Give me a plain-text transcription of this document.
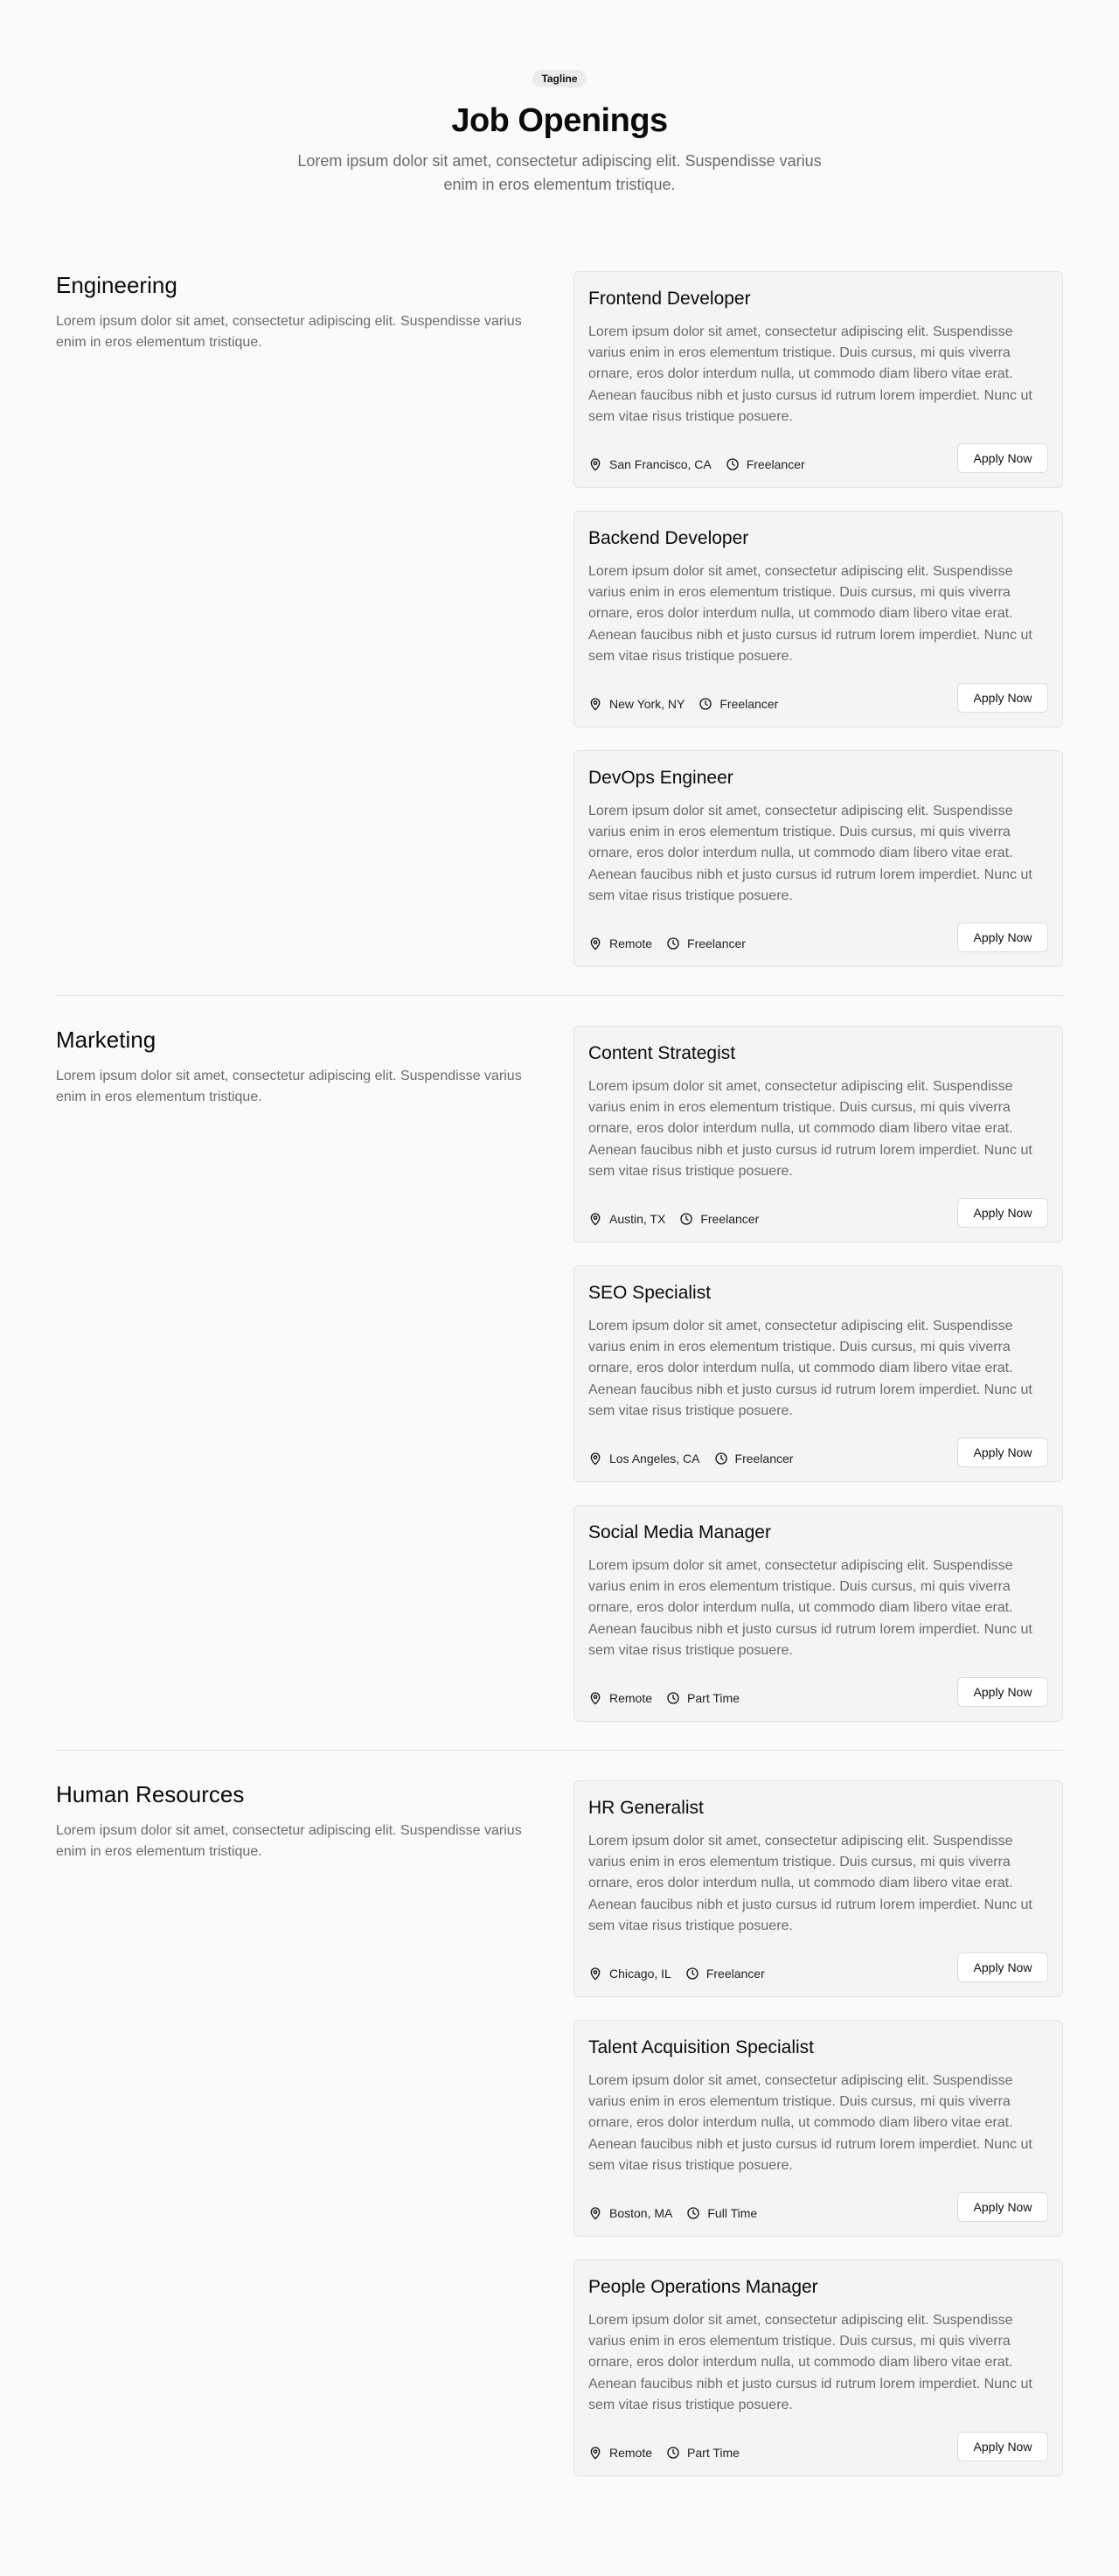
Tagline
Job Openings

Lorem ipsum dolor sit amet, consectetur adipiscing elit. Suspendisse varius enim in eros elementum tristique.

Engineering

Lorem ipsum dolor sit amet, consectetur adipiscing elit. Suspendisse varius enim in eros elementum tristique.

Frontend Developer

Lorem ipsum dolor sit amet, consectetur adipiscing elit. Suspendisse varius enim in eros elementum tristique. Duis cursus, mi quis viverra ornare, eros dolor interdum nulla, ut commodo diam libero vitae erat. Aenean faucibus nibh et justo cursus id rutrum lorem imperdiet. Nunc ut sem vitae risus tristique posuere.

San Francisco, CA	Freelancer	Apply Now
Backend Developer

Lorem ipsum dolor sit amet, consectetur adipiscing elit. Suspendisse varius enim in eros elementum tristique. Duis cursus, mi quis viverra ornare, eros dolor interdum nulla, ut commodo diam libero vitae erat. Aenean faucibus nibh et justo cursus id rutrum lorem imperdiet. Nunc ut sem vitae risus tristique posuere.

New York, NY	Freelancer	Apply Now
DevOps Engineer

Lorem ipsum dolor sit amet, consectetur adipiscing elit. Suspendisse varius enim in eros elementum tristique. Duis cursus, mi quis viverra ornare, eros dolor interdum nulla, ut commodo diam libero vitae erat. Aenean faucibus nibh et justo cursus id rutrum lorem imperdiet. Nunc ut sem vitae risus tristique posuere.

Remote	Freelancer	Apply Now
Marketing

Lorem ipsum dolor sit amet, consectetur adipiscing elit. Suspendisse varius enim in eros elementum tristique.

Content Strategist

Lorem ipsum dolor sit amet, consectetur adipiscing elit. Suspendisse varius enim in eros elementum tristique. Duis cursus, mi quis viverra ornare, eros dolor interdum nulla, ut commodo diam libero vitae erat. Aenean faucibus nibh et justo cursus id rutrum lorem imperdiet. Nunc ut sem vitae risus tristique posuere.

Austin, TX	Freelancer	Apply Now
SEO Specialist

Lorem ipsum dolor sit amet, consectetur adipiscing elit. Suspendisse varius enim in eros elementum tristique. Duis cursus, mi quis viverra ornare, eros dolor interdum nulla, ut commodo diam libero vitae erat. Aenean faucibus nibh et justo cursus id rutrum lorem imperdiet. Nunc ut sem vitae risus tristique posuere.

Los Angeles, CA	Freelancer	Apply Now
Social Media Manager

Lorem ipsum dolor sit amet, consectetur adipiscing elit. Suspendisse varius enim in eros elementum tristique. Duis cursus, mi quis viverra ornare, eros dolor interdum nulla, ut commodo diam libero vitae erat. Aenean faucibus nibh et justo cursus id rutrum lorem imperdiet. Nunc ut sem vitae risus tristique posuere.

Remote	Part Time	Apply Now
Human Resources

Lorem ipsum dolor sit amet, consectetur adipiscing elit. Suspendisse varius enim in eros elementum tristique.

HR Generalist

Lorem ipsum dolor sit amet, consectetur adipiscing elit. Suspendisse varius enim in eros elementum tristique. Duis cursus, mi quis viverra ornare, eros dolor interdum nulla, ut commodo diam libero vitae erat. Aenean faucibus nibh et justo cursus id rutrum lorem imperdiet. Nunc ut sem vitae risus tristique posuere.

Chicago, IL	Freelancer	Apply Now
Talent Acquisition Specialist

Lorem ipsum dolor sit amet, consectetur adipiscing elit. Suspendisse varius enim in eros elementum tristique. Duis cursus, mi quis viverra ornare, eros dolor interdum nulla, ut commodo diam libero vitae erat. Aenean faucibus nibh et justo cursus id rutrum lorem imperdiet. Nunc ut sem vitae risus tristique posuere.

Boston, MA	Full Time	Apply Now
People Operations Manager

Lorem ipsum dolor sit amet, consectetur adipiscing elit. Suspendisse varius enim in eros elementum tristique. Duis cursus, mi quis viverra ornare, eros dolor interdum nulla, ut commodo diam libero vitae erat. Aenean faucibus nibh et justo cursus id rutrum lorem imperdiet. Nunc ut sem vitae risus tristique posuere.

Remote	Part Time	Apply Now
